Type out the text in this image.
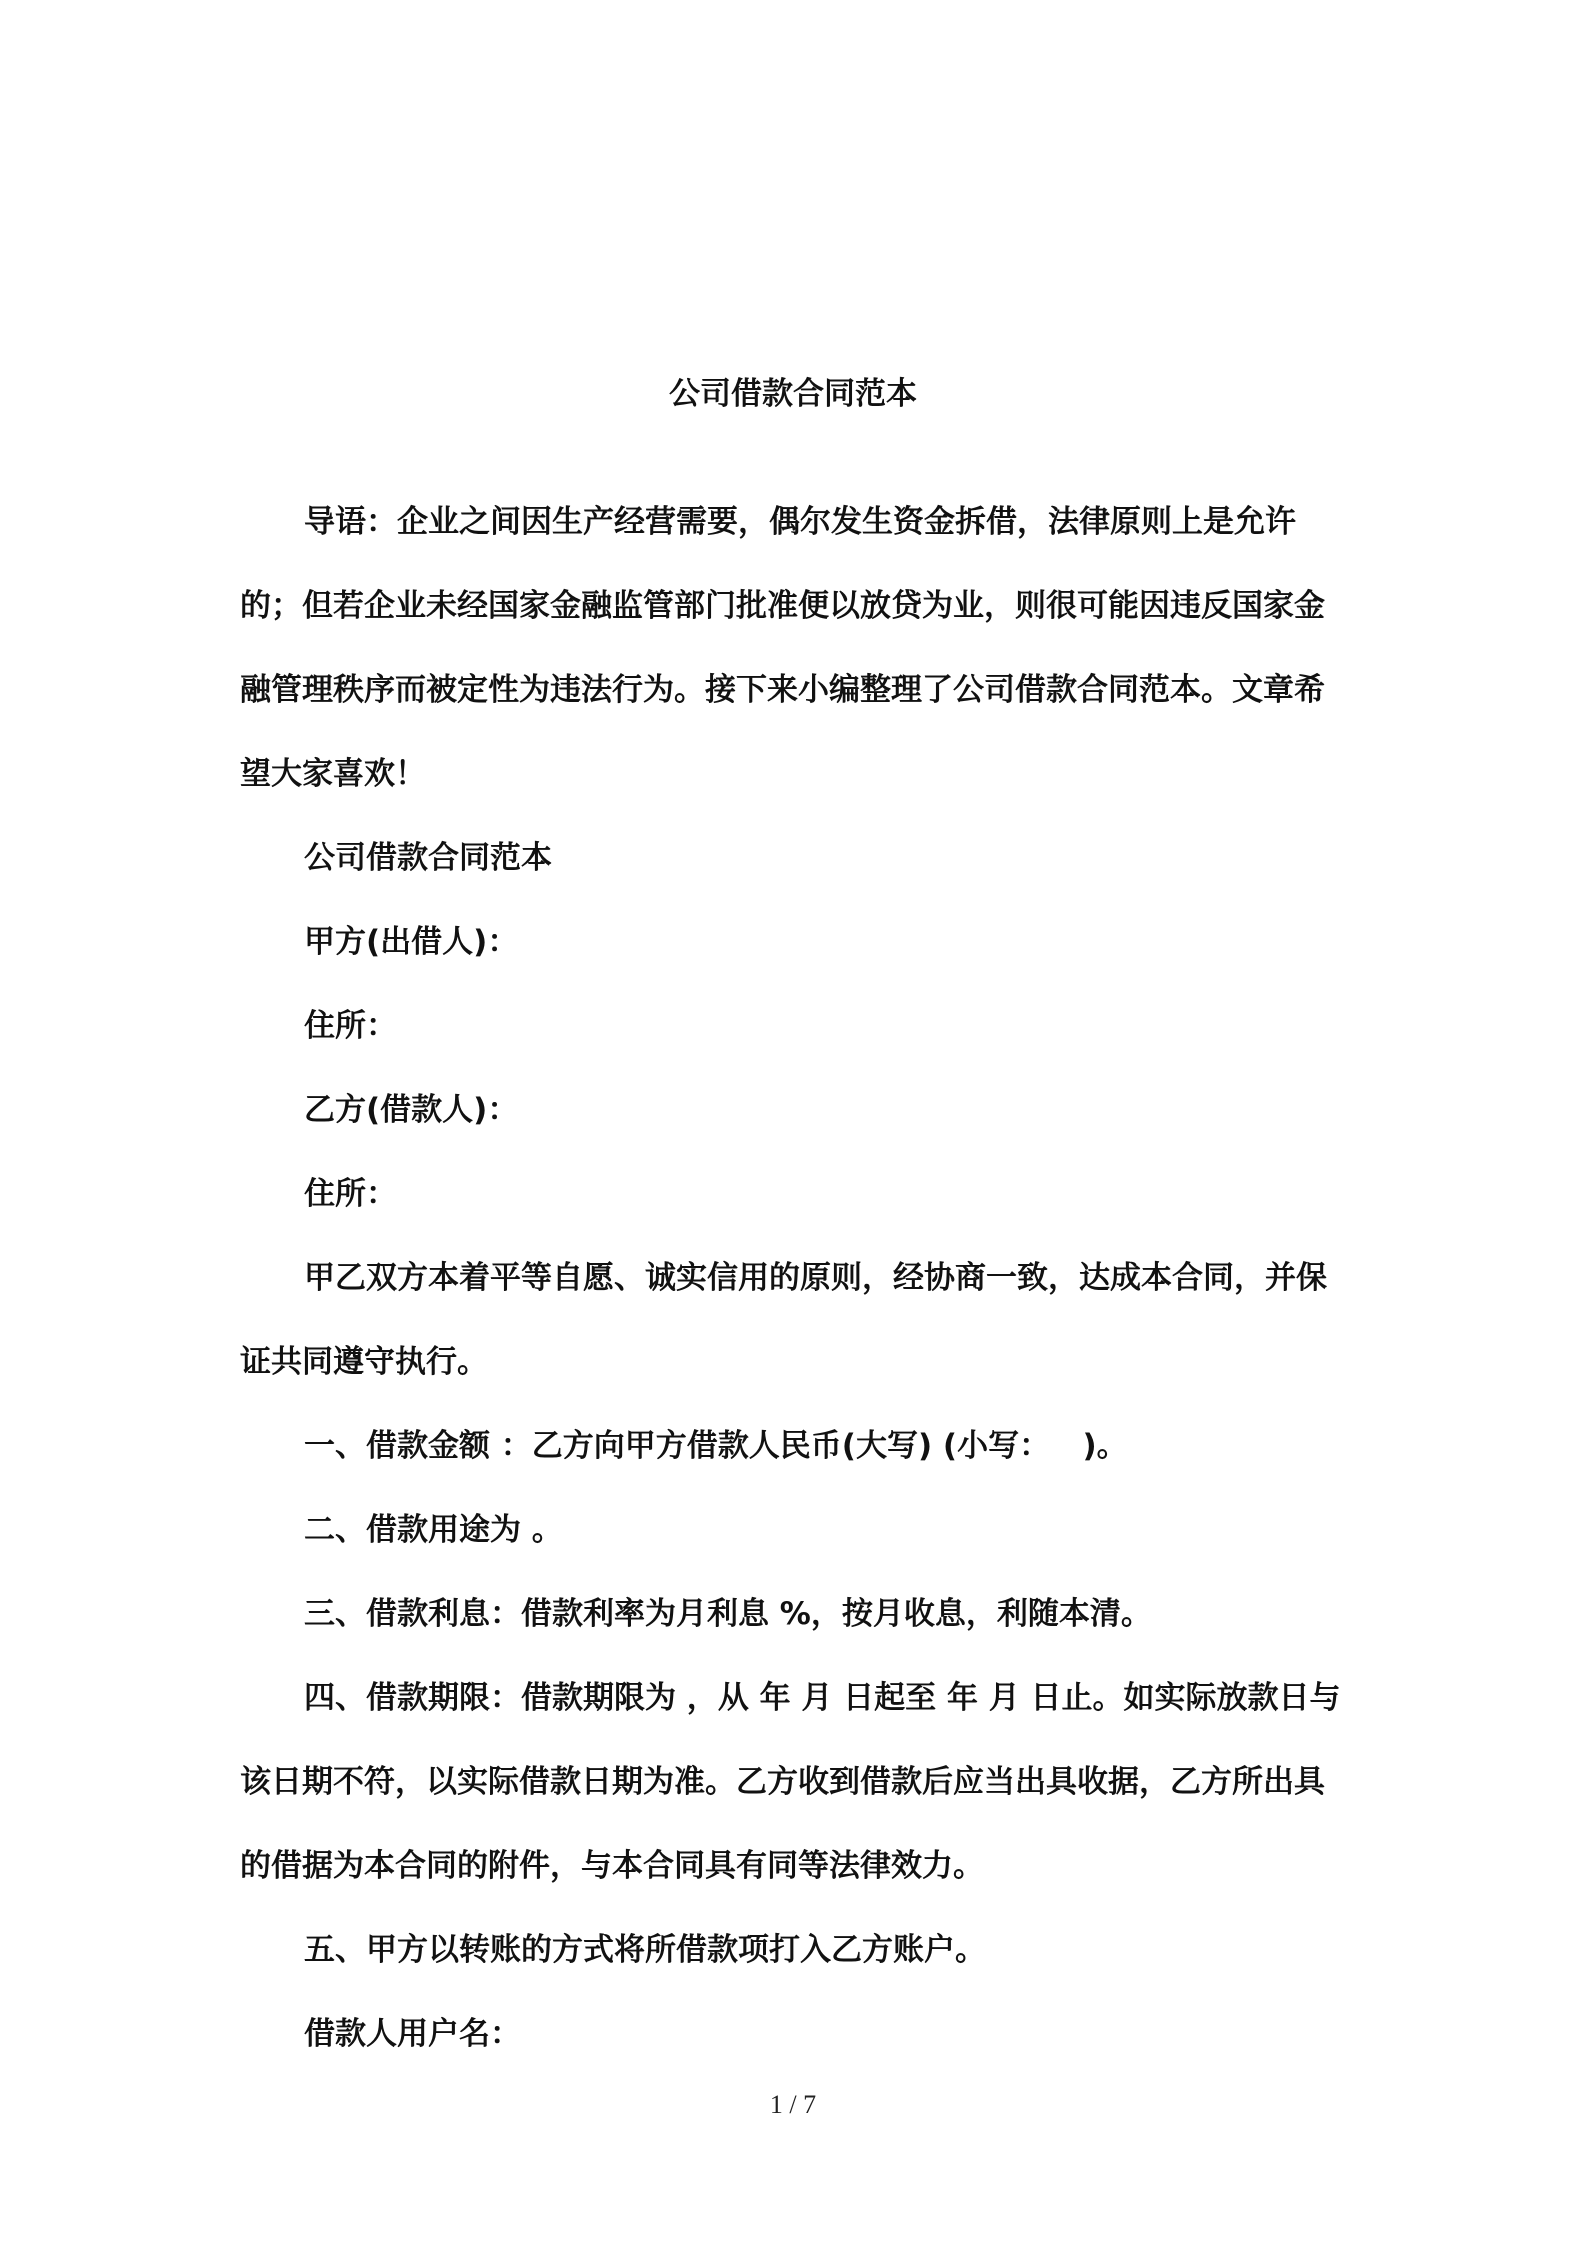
公司借款合同范本

导语：企业之间因生产经营需要，偶尔发生资金拆借，法律原则上是允许的；但若企业未经国家金融监管部门批准便以放贷为业，则很可能因违反国家金融管理秩序而被定性为违法行为。接下来小编整理了公司借款合同范本。文章希望大家喜欢！

公司借款合同范本

甲方(出借人)：

住所：

乙方(借款人)：

住所：

甲乙双方本着平等自愿、诚实信用的原则，经协商一致，达成本合同，并保证共同遵守执行。

一、借款金额 ：乙方向甲方借款人民币(大写) (小写：   )。

二、借款用途为 。

三、借款利息：借款利率为月利息 %，按月收息，利随本清。

四、借款期限：借款期限为 ，从 年 月 日起至 年 月 日止。如实际放款日与该日期不符，以实际借款日期为准。乙方收到借款后应当出具收据，乙方所出具的借据为本合同的附件，与本合同具有同等法律效力。

五、甲方以转账的方式将所借款项打入乙方账户。

借款人用户名：

1 / 7
